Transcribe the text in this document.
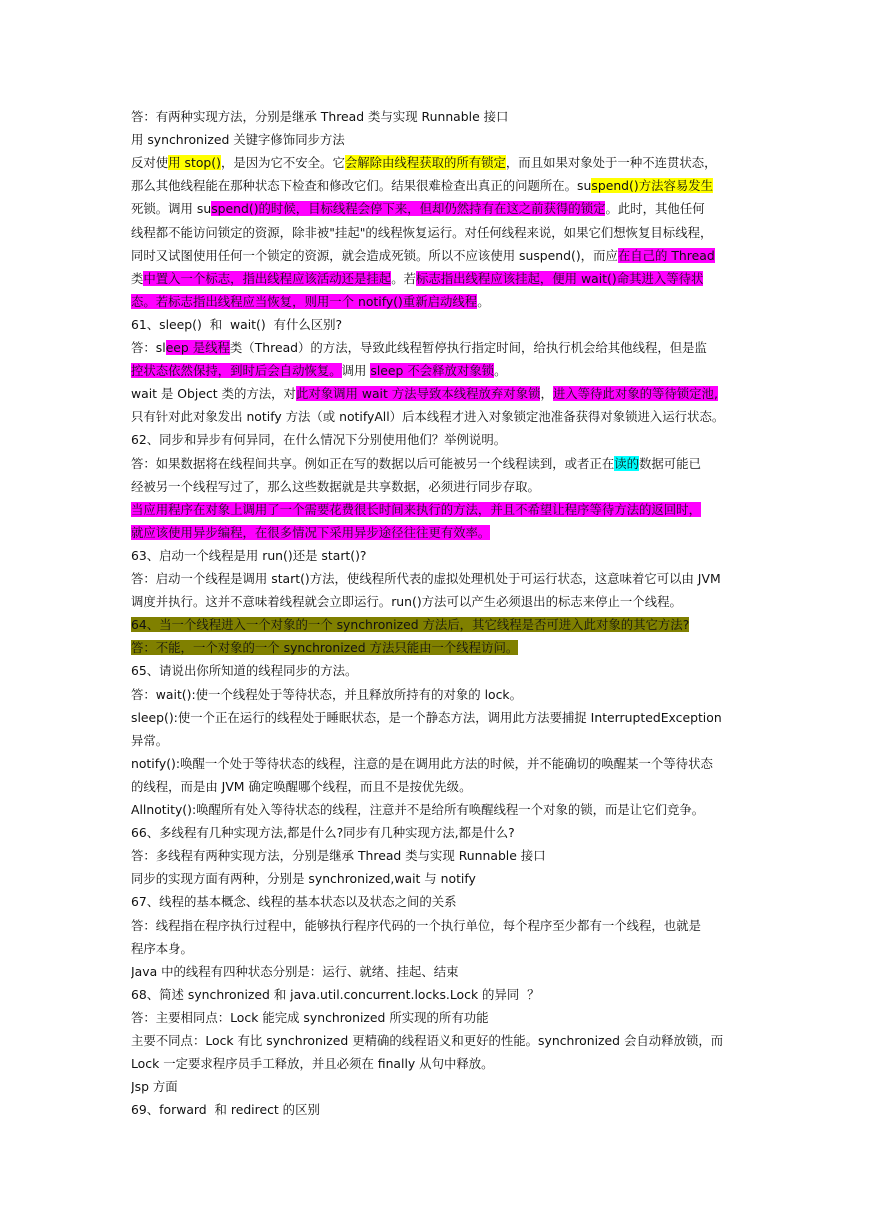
答：有两种实现方法，分别是继承 Thread 类与实现 Runnable 接口
用 synchronized 关键字修饰同步方法
反对使用 stop()，是因为它不安全。它会解除由线程获取的所有锁定，而且如果对象处于一种不连贯状态，
那么其他线程能在那种状态下检查和修改它们。结果很难检查出真正的问题所在。suspend()方法容易发生
死锁。调用 suspend()的时候，目标线程会停下来，但却仍然持有在这之前获得的锁定。此时，其他任何
线程都不能访问锁定的资源，除非被"挂起"的线程恢复运行。对任何线程来说，如果它们想恢复目标线程，
同时又试图使用任何一个锁定的资源，就会造成死锁。所以不应该使用 suspend()，而应在自己的 Thread
类中置入一个标志，指出线程应该活动还是挂起。若标志指出线程应该挂起，便用 wait()命其进入等待状
态。若标志指出线程应当恢复，则用一个 notify()重新启动线程。
61、sleep()  和  wait()  有什么区别?
答：sleep 是线程类（Thread）的方法，导致此线程暂停执行指定时间，给执行机会给其他线程，但是监
控状态依然保持，到时后会自动恢复。调用 sleep 不会释放对象锁。
wait 是 Object 类的方法，对此对象调用 wait 方法导致本线程放弃对象锁，进入等待此对象的等待锁定池,
只有针对此对象发出 notify 方法（或 notifyAll）后本线程才进入对象锁定池准备获得对象锁进入运行状态。
62、同步和异步有何异同，在什么情况下分别使用他们？举例说明。
答：如果数据将在线程间共享。例如正在写的数据以后可能被另一个线程读到，或者正在读的数据可能已
经被另一个线程写过了，那么这些数据就是共享数据，必须进行同步存取。
当应用程序在对象上调用了一个需要花费很长时间来执行的方法，并且不希望让程序等待方法的返回时，
就应该使用异步编程，在很多情况下采用异步途径往往更有效率。
63、启动一个线程是用 run()还是 start()?
答：启动一个线程是调用 start()方法，使线程所代表的虚拟处理机处于可运行状态，这意味着它可以由 JVM
调度并执行。这并不意味着线程就会立即运行。run()方法可以产生必须退出的标志来停止一个线程。
64、当一个线程进入一个对象的一个 synchronized 方法后，其它线程是否可进入此对象的其它方法?
答：不能，一个对象的一个 synchronized 方法只能由一个线程访问。
65、请说出你所知道的线程同步的方法。
答：wait():使一个线程处于等待状态，并且释放所持有的对象的 lock。
sleep():使一个正在运行的线程处于睡眠状态，是一个静态方法，调用此方法要捕捉 InterruptedException
异常。
notify():唤醒一个处于等待状态的线程，注意的是在调用此方法的时候，并不能确切的唤醒某一个等待状态
的线程，而是由 JVM 确定唤醒哪个线程，而且不是按优先级。
Allnotity():唤醒所有处入等待状态的线程，注意并不是给所有唤醒线程一个对象的锁，而是让它们竞争。
66、多线程有几种实现方法,都是什么?同步有几种实现方法,都是什么?
答：多线程有两种实现方法，分别是继承 Thread 类与实现 Runnable 接口
同步的实现方面有两种，分别是 synchronized,wait 与 notify
67、线程的基本概念、线程的基本状态以及状态之间的关系
答：线程指在程序执行过程中，能够执行程序代码的一个执行单位，每个程序至少都有一个线程，也就是
程序本身。
Java 中的线程有四种状态分别是：运行、就绪、挂起、结束
68、简述 synchronized 和 java.util.concurrent.locks.Lock 的异同  ？
答：主要相同点：Lock 能完成 synchronized 所实现的所有功能
主要不同点：Lock 有比 synchronized 更精确的线程语义和更好的性能。synchronized 会自动释放锁，而
Lock 一定要求程序员手工释放，并且必须在 finally 从句中释放。
Jsp 方面
69、forward  和 redirect 的区别
